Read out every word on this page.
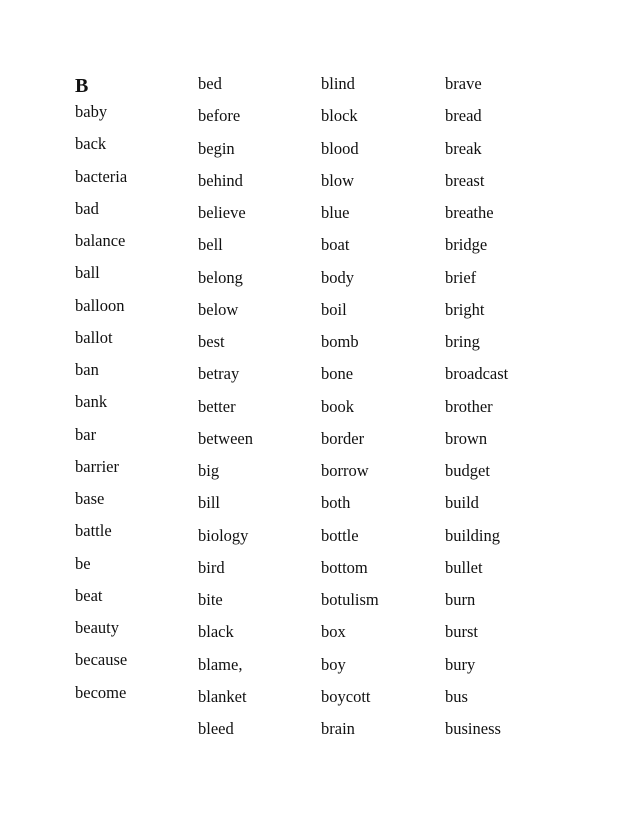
B
baby
back
bacteria
bad
balance
ball
balloon
ballot
ban
bank
bar
barrier
base
battle
be
beat
beauty
because
become
bed
before
begin
behind
believe
bell
belong
below
best
betray
better
between
big
bill
biology
bird
bite
black
blame,
blanket
bleed
blind
block
blood
blow
blue
boat
body
boil
bomb
bone
book
border
borrow
both
bottle
bottom
botulism
box
boy
boycott
brain
brave
bread
break
breast
breathe
bridge
brief
bright
bring
broadcast
brother
brown
budget
build
building
bullet
burn
burst
bury
bus
business
